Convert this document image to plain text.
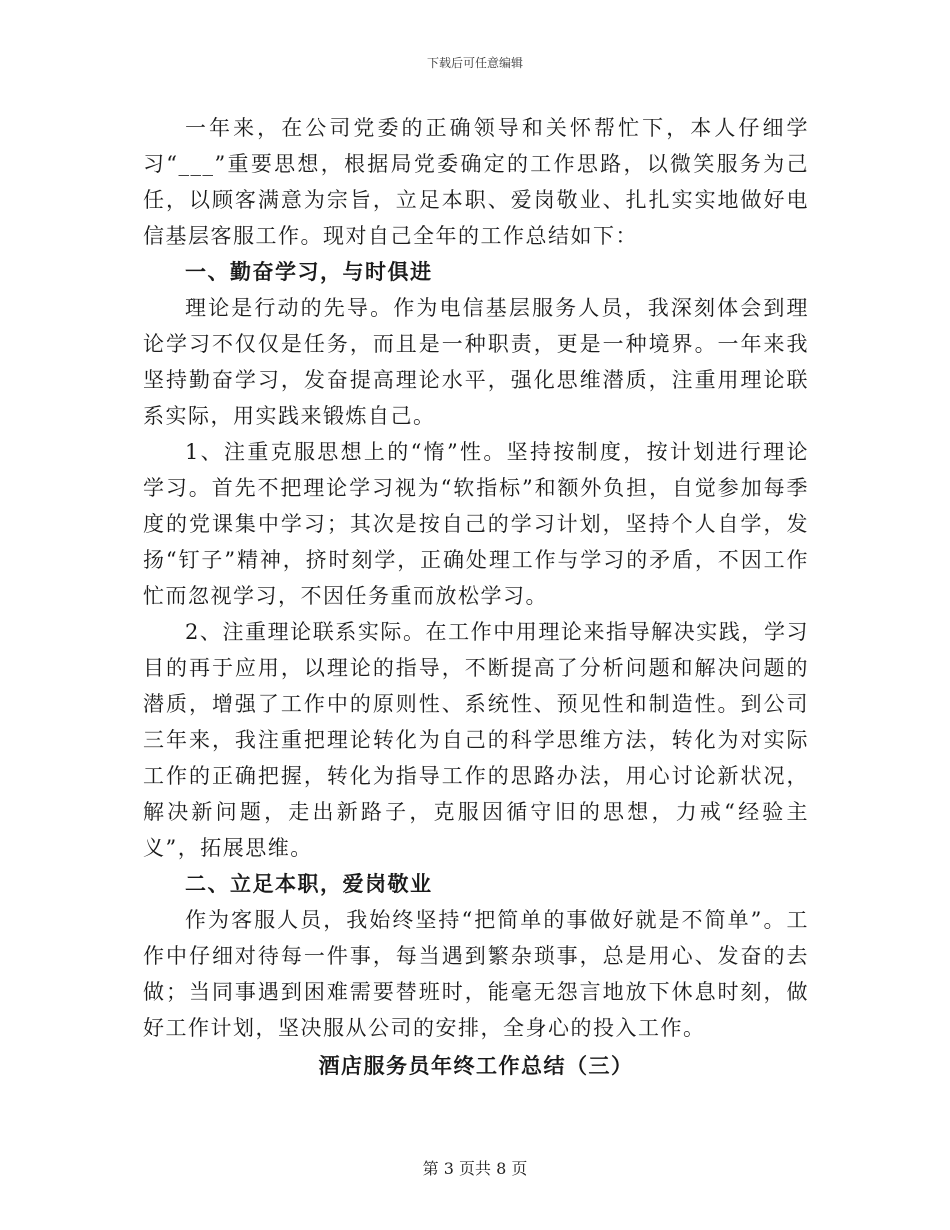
下载后可任意编辑

一年来，在公司党委的正确领导和关怀帮忙下，本人仔细学习“___”重要思想，根据局党委确定的工作思路，以微笑服务为己任，以顾客满意为宗旨，立足本职、爱岗敬业、扎扎实实地做好电信基层客服工作。现对自己全年的工作总结如下：

一、勤奋学习，与时俱进

理论是行动的先导。作为电信基层服务人员，我深刻体会到理论学习不仅仅是任务，而且是一种职责，更是一种境界。一年来我坚持勤奋学习，发奋提高理论水平，强化思维潜质，注重用理论联系实际，用实践来锻炼自己。

1、注重克服思想上的“惰”性。坚持按制度，按计划进行理论学习。首先不把理论学习视为“软指标”和额外负担，自觉参加每季度的党课集中学习；其次是按自己的学习计划，坚持个人自学，发扬“钉子”精神，挤时刻学，正确处理工作与学习的矛盾，不因工作忙而忽视学习，不因任务重而放松学习。

2、注重理论联系实际。在工作中用理论来指导解决实践，学习目的再于应用，以理论的指导，不断提高了分析问题和解决问题的潜质，增强了工作中的原则性、系统性、预见性和制造性。到公司三年来，我注重把理论转化为自己的科学思维方法，转化为对实际工作的正确把握，转化为指导工作的思路办法，用心讨论新状况，解决新问题，走出新路子，克服因循守旧的思想，力戒“经验主义”，拓展思维。

二、立足本职，爱岗敬业

作为客服人员，我始终坚持“把简单的事做好就是不简单”。工作中仔细对待每一件事，每当遇到繁杂琐事，总是用心、发奋的去做；当同事遇到困难需要替班时，能毫无怨言地放下休息时刻，做好工作计划，坚决服从公司的安排，全身心的投入工作。

酒店服务员年终工作总结（三）

第 3 页共 8 页
